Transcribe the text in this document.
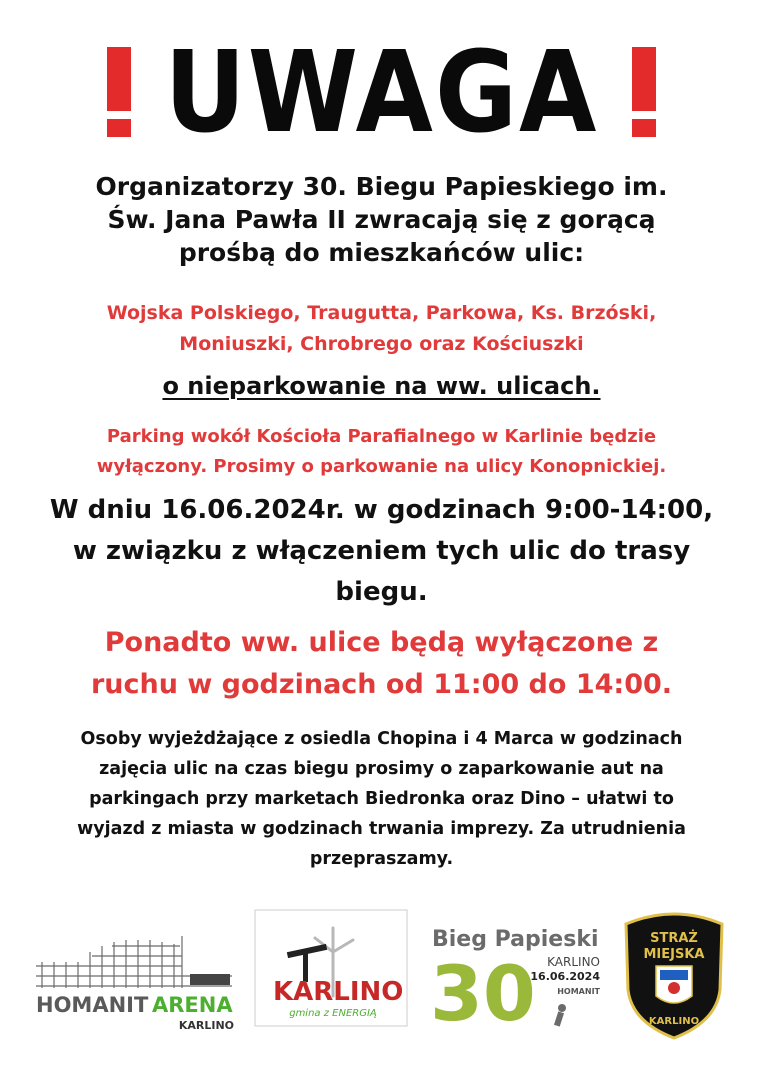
UWAGA
Organizatorzy 30. Biegu Papieskiego im.
Św. Jana Pawła II zwracają się z gorącą
prośbą do mieszkańców ulic:
Wojska Polskiego, Traugutta, Parkowa, Ks. Brzóski,
Moniuszki, Chrobrego oraz Kościuszki
o nieparkowanie na ww. ulicach.
Parking wokół Kościoła Parafialnego w Karlinie będzie
wyłączony. Prosimy o parkowanie na ulicy Konopnickiej.
W dniu 16.06.2024r. w godzinach 9:00-14:00,
w związku z włączeniem tych ulic do trasy
biegu.
Ponadto ww. ulice będą wyłączone z
ruchu w godzinach od 11:00 do 14:00.
Osoby wyjeżdżające z osiedla Chopina i 4 Marca w godzinach
zajęcia ulic na czas biegu prosimy o zaparkowanie aut na
parkingach przy marketach Biedronka oraz Dino – ułatwi to
wyjazd z miasta w godzinach trwania imprezy. Za utrudnienia
przepraszamy.
HOMANIT ARENA
KARLINO
KARLINO
gmina z ENERGIĄ
Bieg Papieski
30 KARLINO
16.06.2024
HOMANIT
STRAŻ
MIEJSKA
KARLINO
